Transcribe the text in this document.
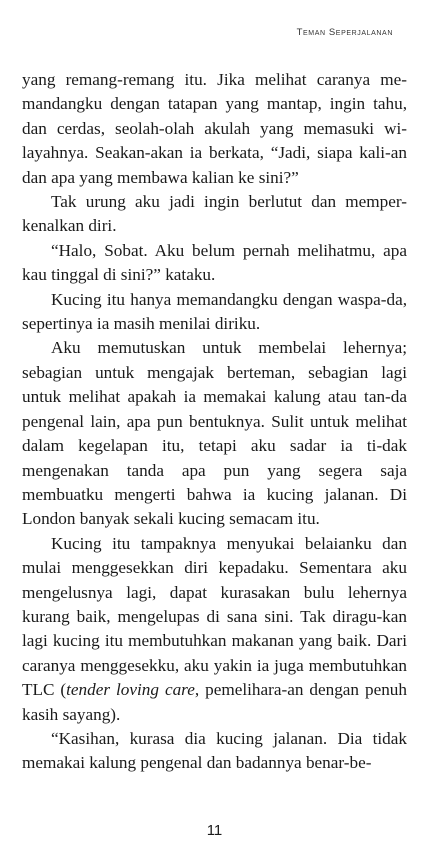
Teman Seperjalanan

yang remang-remang itu. Jika melihat caranya me-mandangku dengan tatapan yang mantap, ingin tahu, dan cerdas, seolah-olah akulah yang memasuki wi-layahnya. Seakan-akan ia berkata, “Jadi, siapa kali-an dan apa yang membawa kalian ke sini?”

Tak urung aku jadi ingin berlutut dan memper-kenalkan diri.

“Halo, Sobat. Aku belum pernah melihatmu, apa kau tinggal di sini?” kataku.

Kucing itu hanya memandangku dengan waspa-da, sepertinya ia masih menilai diriku.

Aku memutuskan untuk membelai lehernya; sebagian untuk mengajak berteman, sebagian lagi untuk melihat apakah ia memakai kalung atau tan-da pengenal lain, apa pun bentuknya. Sulit untuk melihat dalam kegelapan itu, tetapi aku sadar ia ti-dak mengenakan tanda apa pun yang segera saja membuatku mengerti bahwa ia kucing jalanan. Di London banyak sekali kucing semacam itu.

Kucing itu tampaknya menyukai belaianku dan mulai menggesekkan diri kepadaku. Sementara aku mengelusnya lagi, dapat kurasakan bulu lehernya kurang baik, mengelupas di sana sini. Tak diragu-kan lagi kucing itu membutuhkan makanan yang baik. Dari caranya menggesekku, aku yakin ia juga membutuhkan TLC (tender loving care, pemelihara-an dengan penuh kasih sayang).

“Kasihan, kurasa dia kucing jalanan. Dia tidak memakai kalung pengenal dan badannya benar-be-

11
